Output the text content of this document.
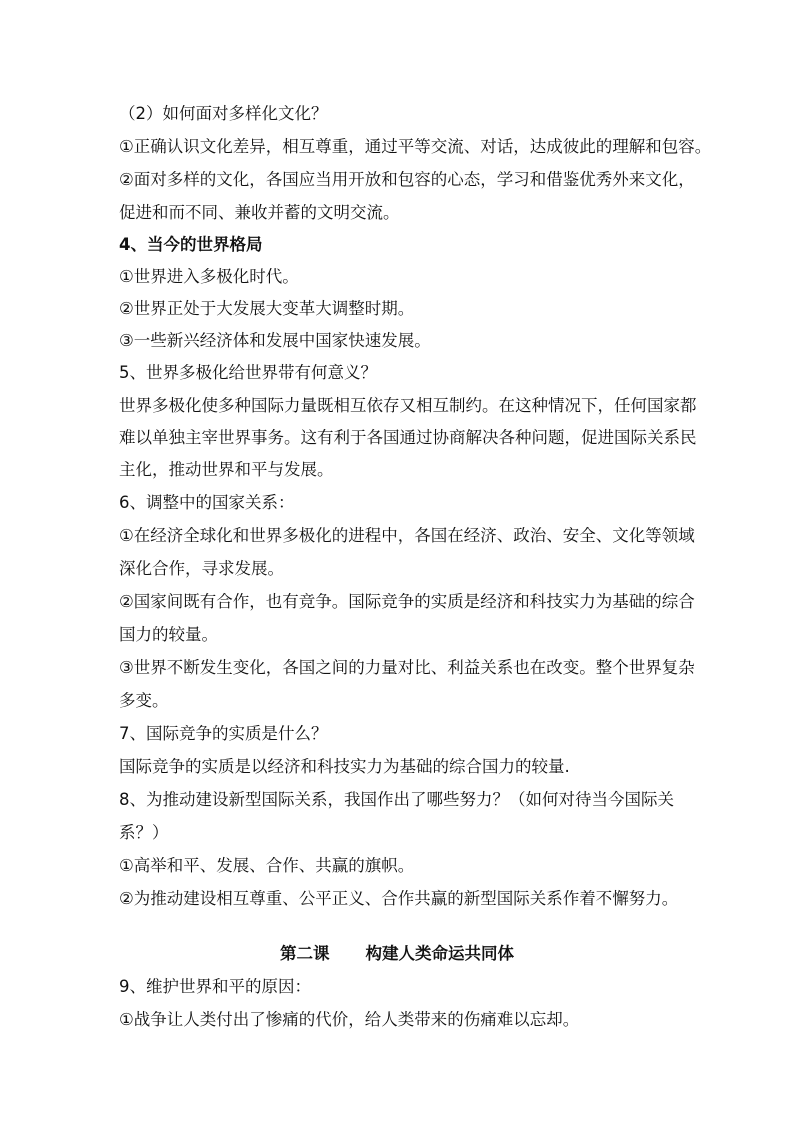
（2）如何面对多样化文化？
①正确认识文化差异，相互尊重，通过平等交流、对话，达成彼此的理解和包容。
②面对多样的文化，各国应当用开放和包容的心态，学习和借鉴优秀外来文化，
促进和而不同、兼收并蓄的文明交流。
4、当今的世界格局
①世界进入多极化时代。
②世界正处于大发展大变革大调整时期。
③一些新兴经济体和发展中国家快速发展。
5、世界多极化给世界带有何意义？
世界多极化使多种国际力量既相互依存又相互制约。在这种情况下，任何国家都
难以单独主宰世界事务。这有利于各国通过协商解决各种问题，促进国际关系民
主化，推动世界和平与发展。
6、调整中的国家关系：
①在经济全球化和世界多极化的进程中，各国在经济、政治、安全、文化等领域
深化合作，寻求发展。
②国家间既有合作，也有竞争。国际竞争的实质是经济和科技实力为基础的综合
国力的较量。
③世界不断发生变化，各国之间的力量对比、利益关系也在改变。整个世界复杂
多变。
7、国际竞争的实质是什么？
国际竞争的实质是以经济和科技实力为基础的综合国力的较量.
8、为推动建设新型国际关系，我国作出了哪些努力？（如何对待当今国际关
系？）
①高举和平、发展、合作、共赢的旗帜。
②为推动建设相互尊重、公平正义、合作共赢的新型国际关系作着不懈努力。
第二课 构建人类命运共同体
9、维护世界和平的原因：
①战争让人类付出了惨痛的代价，给人类带来的伤痛难以忘却。
